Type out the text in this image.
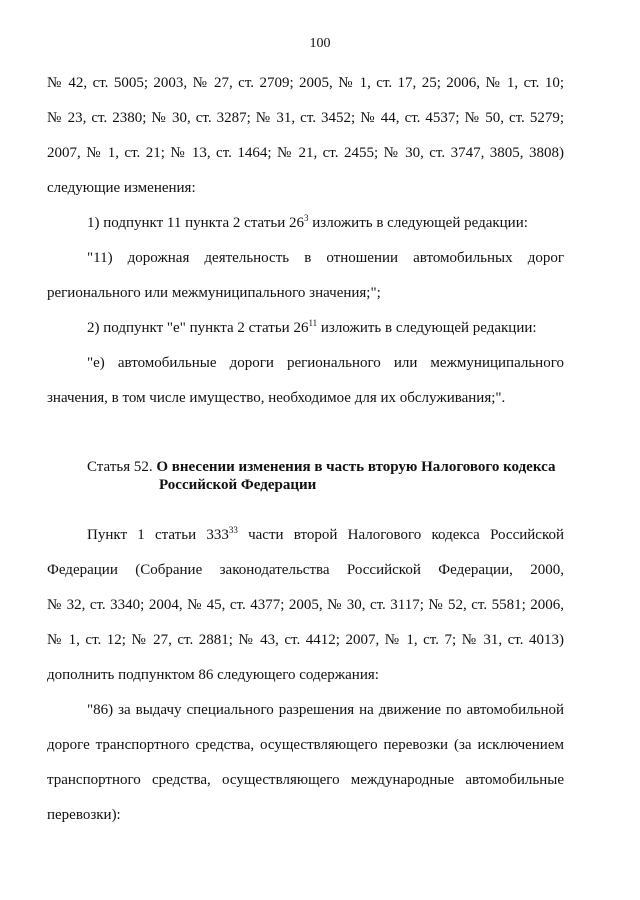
100
№ 42, ст. 5005; 2003, № 27, ст. 2709; 2005, № 1, ст. 17, 25; 2006, № 1, ст. 10;
№ 23, ст. 2380; № 30, ст. 3287; № 31, ст. 3452; № 44, ст. 4537; № 50, ст. 5279;
2007, № 1, ст. 21; № 13, ст. 1464; № 21, ст. 2455; № 30, ст. 3747, 3805, 3808)
следующие изменения:
1) подпункт 11 пункта 2 статьи $26^3$ изложить в следующей редакции:
"11) дорожная деятельность в отношении автомобильных дорог
регионального или межмуниципального значения;";
2) подпункт "е" пункта 2 статьи $26^{11}$ изложить в следующей редакции:
"е) автомобильные дороги регионального или межмуниципального
значения, в том числе имущество, необходимое для их обслуживания;".
Статья 52. О внесении изменения в часть вторую Налогового кодекса
Российской Федерации
Пункт 1 статьи $333^{33}$ части второй Налогового кодекса Российской
Федерации (Собрание законодательства Российской Федерации, 2000,
№ 32, ст. 3340; 2004, № 45, ст. 4377; 2005, № 30, ст. 3117; № 52, ст. 5581; 2006,
№ 1, ст. 12; № 27, ст. 2881; № 43, ст. 4412; 2007, № 1, ст. 7; № 31, ст. 4013)
дополнить подпунктом 86 следующего содержания:
"86) за выдачу специального разрешения на движение по автомобильной
дороге транспортного средства, осуществляющего перевозки (за исключением
транспортного средства, осуществляющего международные автомобильные
перевозки):
